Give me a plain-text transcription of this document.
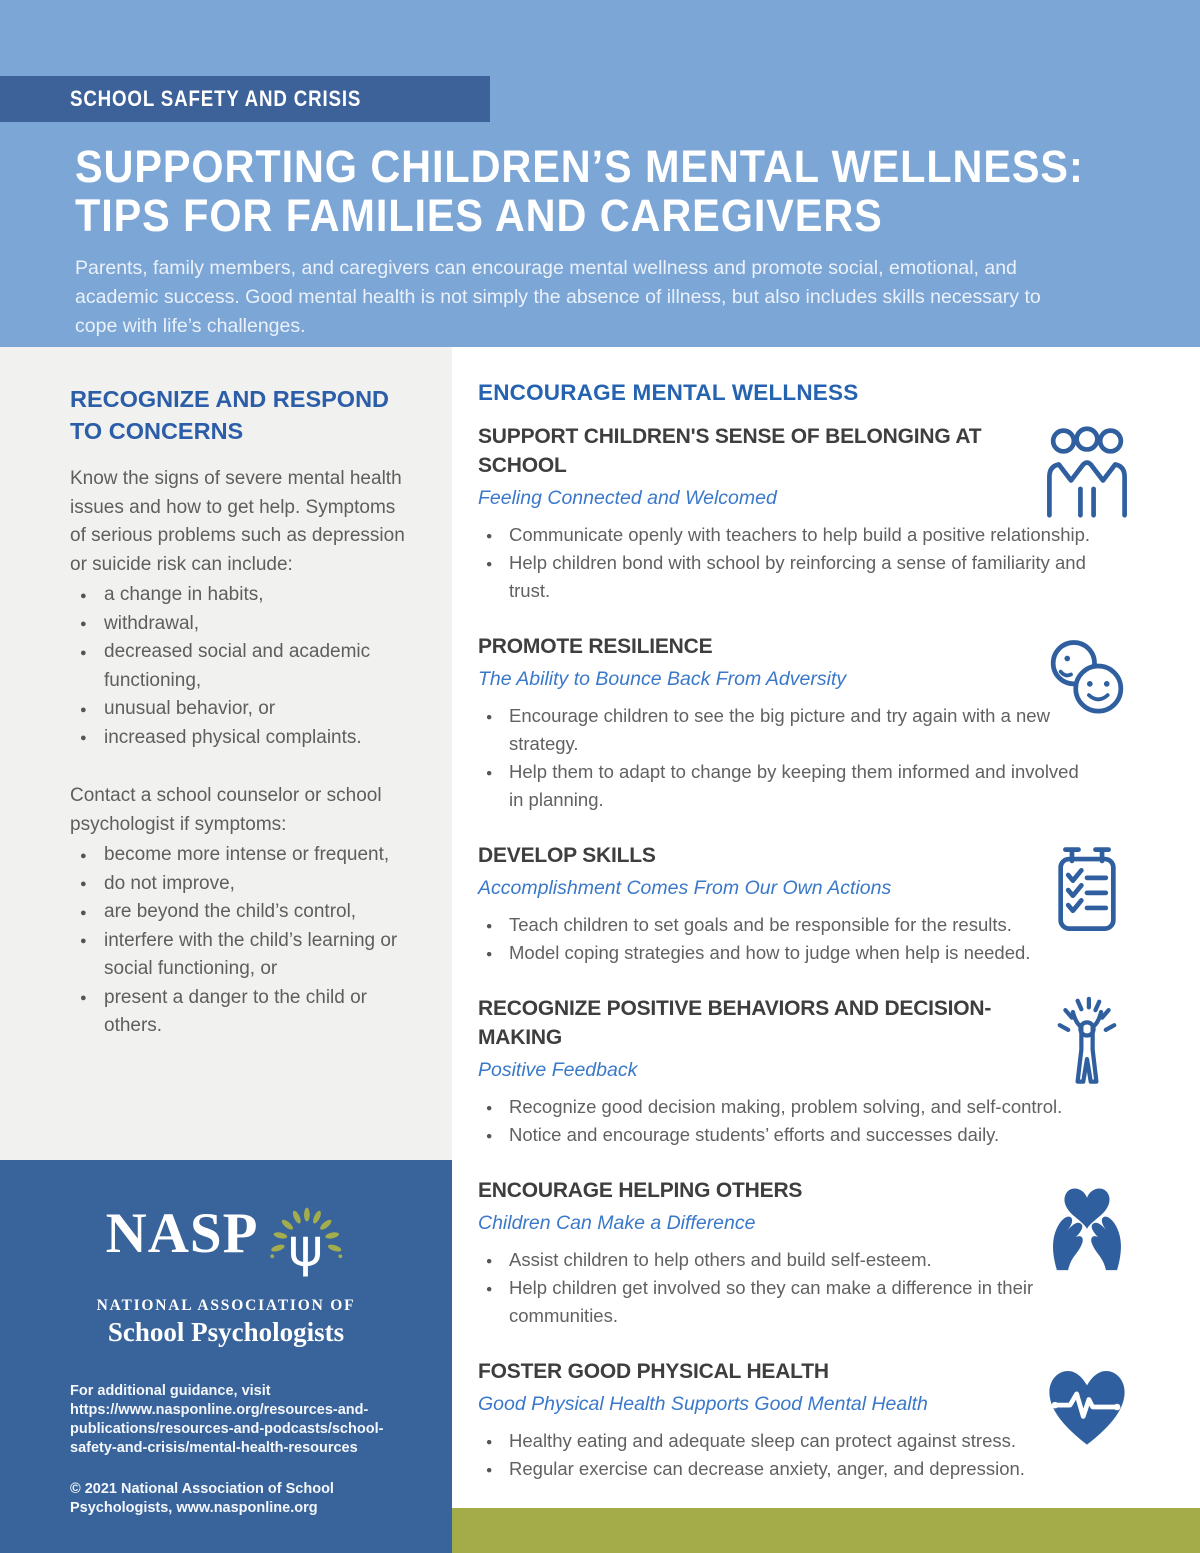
SCHOOL SAFETY AND CRISIS
SUPPORTING CHILDREN’S MENTAL WELLNESS:
TIPS FOR FAMILIES AND CAREGIVERS

Parents, family members, and caregivers can encourage mental wellness and promote social, emotional, and academic success. Good mental health is not simply the absence of illness, but also includes skills necessary to cope with life’s challenges.

RECOGNIZE AND RESPOND TO CONCERNS

Know the signs of severe mental health issues and how to get help. Symptoms of serious problems such as depression or suicide risk can include:

● a change in habits,
● withdrawal,
● decreased social and academic functioning,
● unusual behavior, or
● increased physical complaints.

Contact a school counselor or school psychologist if symptoms:

● become more intense or frequent,
● do not improve,
● are beyond the child’s control,
● interfere with the child’s learning or social functioning, or
● present a danger to the child or others.
NASP ψ
NATIONAL ASSOCIATION OF
School Psychologists

For additional guidance, visit
https://www.nasponline.org/resources-and-
publications/resources-and-podcasts/school-
safety-and-crisis/mental-health-resources

© 2021 National Association of School
Psychologists, www.nasponline.org

ENCOURAGE MENTAL WELLNESS
SUPPORT CHILDREN'S SENSE OF BELONGING AT SCHOOL

Feeling Connected and Welcomed

● Communicate openly with teachers to help build a positive relationship.
● Help children bond with school by reinforcing a sense of familiarity and trust.
PROMOTE RESILIENCE

The Ability to Bounce Back From Adversity

● Encourage children to see the big picture and try again with a new strategy.
● Help them to adapt to change by keeping them informed and involved in planning.
DEVELOP SKILLS

Accomplishment Comes From Our Own Actions

● Teach children to set goals and be responsible for the results.
● Model coping strategies and how to judge when help is needed.
RECOGNIZE POSITIVE BEHAVIORS AND DECISION-MAKING

Positive Feedback

● Recognize good decision making, problem solving, and self-control.
● Notice and encourage students’ efforts and successes daily.
ENCOURAGE HELPING OTHERS

Children Can Make a Difference

● Assist children to help others and build self-esteem.
● Help children get involved so they can make a difference in their communities.
FOSTER GOOD PHYSICAL HEALTH

Good Physical Health Supports Good Mental Health

● Healthy eating and adequate sleep can protect against stress.
● Regular exercise can decrease anxiety, anger, and depression.
